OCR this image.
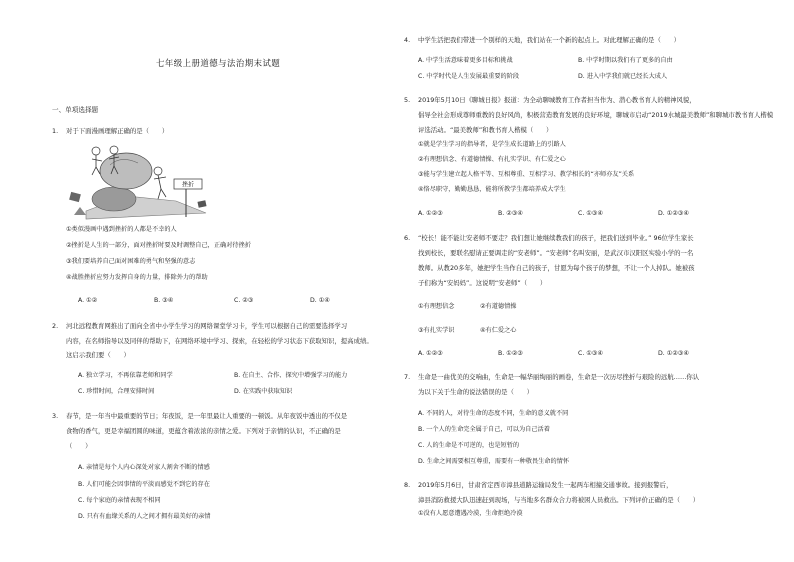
七年级上册道德与法治期末试题
一、单项选择题
1. 对于下面漫画理解正确的是（　　）
挫折
①类似漫画中遇到挫折的人都是不幸的人
②挫折是人生的一部分，面对挫折时要及时调整自己，正确对待挫折
③我们要培养自己面对困难的勇气和坚强的意志
④战胜挫折应努力发挥自身的力量，排除外力的帮助
A. ①②	B. ③④	C. ②③	D. ①④
2. 河北远程教育网推出了面向全省中小学生学习的网络课堂学习卡，学生可以根据自己的需要选择学习
内容，在名师指导以及同伴的帮助下，在网络环境中学习、探索，在轻松的学习状态下获取知识，提高成绩。
这启示我们要（　　）
A. 独立学习，不再依靠老师和同学	B. 在自主、合作、探究中增强学习的能力
C. 珍惜时间，合理安排时间	D. 在实践中获取知识
3. 春节，是一年当中最重要的节日；年夜饭，是一年里最让人重要的一顿饭。从年夜饭中透出的不仅是
食物的香气，更是幸福团圆的味道，更蕴含着浓浓的亲情之爱。下列对于亲情的认识，不正确的是
（　　）
A. 亲情是每个人内心深处对家人割舍不断的情感
B. 人们可能会因事情的平淡而感觉不到它的存在
C. 每个家庭的亲情表现不相同
D. 只有有血缘关系的人之间才拥有最美好的亲情
4. 中学生活把我们带进一个别样的天地，我们站在一个新的起点上。对此理解正确的是（　　）
A. 中学生活意味着更多目标和挑战	B. 中学时期以我们有了更多的自由
C. 中学时代是人生发展最重要的阶段	D. 进入中学我们就已经长大成人
5. 2019年5月10日《聊城日报》报道：为全动聊城教育工作者担当作为、潜心教书育人的精神风貌，
倡导全社会形成尊师重教的良好风尚，积极营造教育发展的良好环境，聊城市启动“2019水城最美教师”和聊城市教书育人楷模
评选活动。“最美教师”和教书育人楷模（　　）
①就是学生学习的指导者，是学生成长道路上的引路人
②有理想信念、有道德情操、有扎实学识、有仁爱之心
③能与学生建立起人格平等、互相尊重、互相学习、教学相长的“亦师亦友”关系
④恪尽职守，勤勤恳恳，能将所教学生都培养成大学生
A. ①②③	B. ②③④	C. ①③④	D. ①②③④
6. “校长！能不能让安老师不要走？我们想让她继续教我们的孩子，把我们送到毕业。” 96位学生家长
找到校长，要联名慰请正要调走的“安老师”。“安老师”名叫安丽，是武汉市汉阳区实验小学的一名
教师。从教20多年，她把学生当作自己的孩子，甘愿为每个孩子的梦想，不让一个人掉队。她被孩
子们称为“安妈妈”。这说明“安老师”（　　）
①有理想信念	②有道德情操
③有扎实学识	④有仁爱之心
A. ①②③	B. ①②③	C. ①③④	D. ①②③④
7. 生命是一曲优美的交响曲，生命是一幅华丽绚丽的画卷，生命是一次历尽挫折与艰险的远航……你认
为以下关于生命的说法错误的是（　　）
A. 不同的人，对待生命的态度不同，生命的意义就不同
B. 一个人的生命完全属于自己，可以为自己活着
C. 人的生命是不可逆的，也是短暂的
D. 生命之间需要相互尊重，需要有一种敬畏生命的情怀
8. 2019年5月6日，甘肃省定西市漳县道路运输局发生一起两车相撞交通事故。接到报警后，
漳县消防救援大队迅速赶到现场，与当地多名群众合力将被困人员救出。下列评价正确的是（　　）
①没有人愿意遭遇冷漠，生命拒绝冷漠
